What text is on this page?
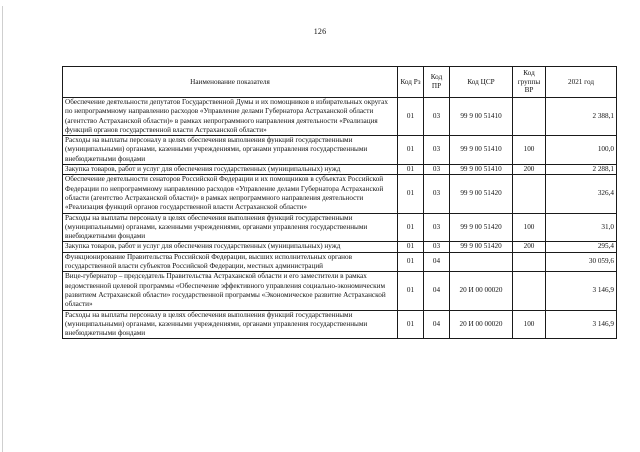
126
Наименование показателя	Код Рз	Код ПР	Код ЦСР	Код группы ВР	2021 год
Обеспечение деятельности депутатов Государственной Думы и их помощников в избирательных округах по непрограммному направлению расходов «Управление делами Губернатора Астраханской области (агентство Астраханской области)» в рамках непрограммного направления деятельности «Реализация функций органов государственной власти Астраханской области»	01	03	99 9 00 51410		2 388,1
Расходы на выплаты персоналу в целях обеспечения выполнения функций государственными (муниципальными) органами, казенными учреждениями, органами управления государственными внебюджетными фондами	01	03	99 9 00 51410	100	100,0
Закупка товаров, работ и услуг для обеспечения государственных (муниципальных) нужд	01	03	99 9 00 51410	200	2 288,1
Обеспечение деятельности сенаторов Российской Федерации и их помощников в субъектах Российской Федерации по непрограммному направлению расходов «Управление делами Губернатора Астраханской области (агентство Астраханской области)» в рамках непрограммного направления деятельности «Реализация функций органов государственной власти Астраханской области»	01	03	99 9 00 51420		326,4
Расходы на выплаты персоналу в целях обеспечения выполнения функций государственными (муниципальными) органами, казенными учреждениями, органами управления государственными внебюджетными фондами	01	03	99 9 00 51420	100	31,0
Закупка товаров, работ и услуг для обеспечения государственных (муниципальных) нужд	01	03	99 9 00 51420	200	295,4
Функционирование Правительства Российской Федерации, высших исполнительных органов государственной власти субъектов Российской Федерации, местных администраций	01	04			30 059,6
Вице-губернатор – председатель Правительства Астраханской области и его заместители в рамках ведомственной целевой программы «Обеспечение эффективного управления социально-экономическим развитием Астраханской области» государственной программы «Экономическое развитие Астраханской области»	01	04	20 И 00 00020		3 146,9
Расходы на выплаты персоналу в целях обеспечения выполнения функций государственными (муниципальными) органами, казенными учреждениями, органами управления государственными внебюджетными фондами	01	04	20 И 00 00020	100	3 146,9
